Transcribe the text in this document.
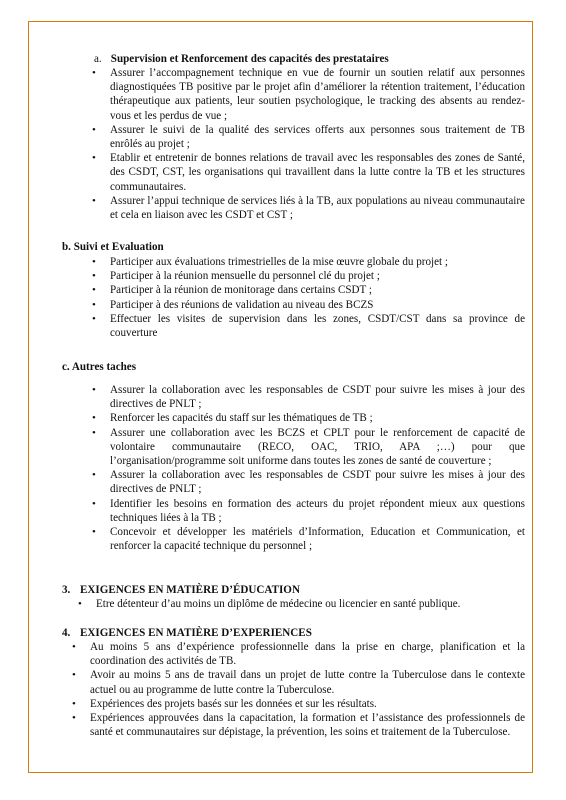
a. Supervision et Renforcement des capacités des prestataires
• Assurer l’accompagnement technique en vue de fournir un soutien relatif aux personnes diagnostiquées TB positive par le projet afin d’améliorer la rétention traitement, l’éducation thérapeutique aux patients, leur soutien psychologique, le tracking des absents au rendez-vous et les perdus de vue ;
• Assurer le suivi de la qualité des services offerts aux personnes sous traitement de TB enrôlés au projet ;
• Etablir et entretenir de bonnes relations de travail avec les responsables des zones de Santé, des CSDT, CST, les organisations qui travaillent dans la lutte contre la TB et les structures communautaires.
• Assurer l’appui technique de services liés à la TB, aux populations au niveau communautaire et cela en liaison avec les CSDT et CST ;
b. Suivi et Evaluation
• Participer aux évaluations trimestrielles de la mise œuvre globale du projet ;
• Participer à la réunion mensuelle du personnel clé du projet ;
• Participer à la réunion de monitorage dans certains CSDT ;
• Participer à des réunions de validation au niveau des BCZS
• Effectuer les visites de supervision dans les zones, CSDT/CST dans sa province de couverture
c. Autres taches
• Assurer la collaboration avec les responsables de CSDT pour suivre les mises à jour des directives de PNLT ;
• Renforcer les capacités du staff sur les thématiques de TB ;
• Assurer une collaboration avec les BCZS et CPLT pour le renforcement de capacité de volontaire communautaire (RECO, OAC, TRIO, APA ;…) pour que l’organisation/programme soit uniforme dans toutes les zones de santé de couverture ;
• Assurer la collaboration avec les responsables de CSDT pour suivre les mises à jour des directives de PNLT ;
• Identifier les besoins en formation des acteurs du projet répondent mieux aux questions techniques liées à la TB ;
• Concevoir et développer les matériels d’Information, Education et Communication, et renforcer la capacité technique du personnel ;
3. EXIGENCES EN MATIÈRE D’ÉDUCATION
• Etre détenteur d’au moins un diplôme de médecine ou licencier en santé publique.
4. EXIGENCES EN MATIÈRE D’EXPERIENCES
• Au moins 5 ans d’expérience professionnelle dans la prise en charge, planification et la coordination des activités de TB.
• Avoir au moins 5 ans de travail dans un projet de lutte contre la Tuberculose dans le contexte actuel ou au programme de lutte contre la Tuberculose.
• Expériences des projets basés sur les données et sur les résultats.
• Expériences approuvées dans la capacitation, la formation et l’assistance des professionnels de santé et communautaires sur dépistage, la prévention, les soins et traitement de la Tuberculose.
